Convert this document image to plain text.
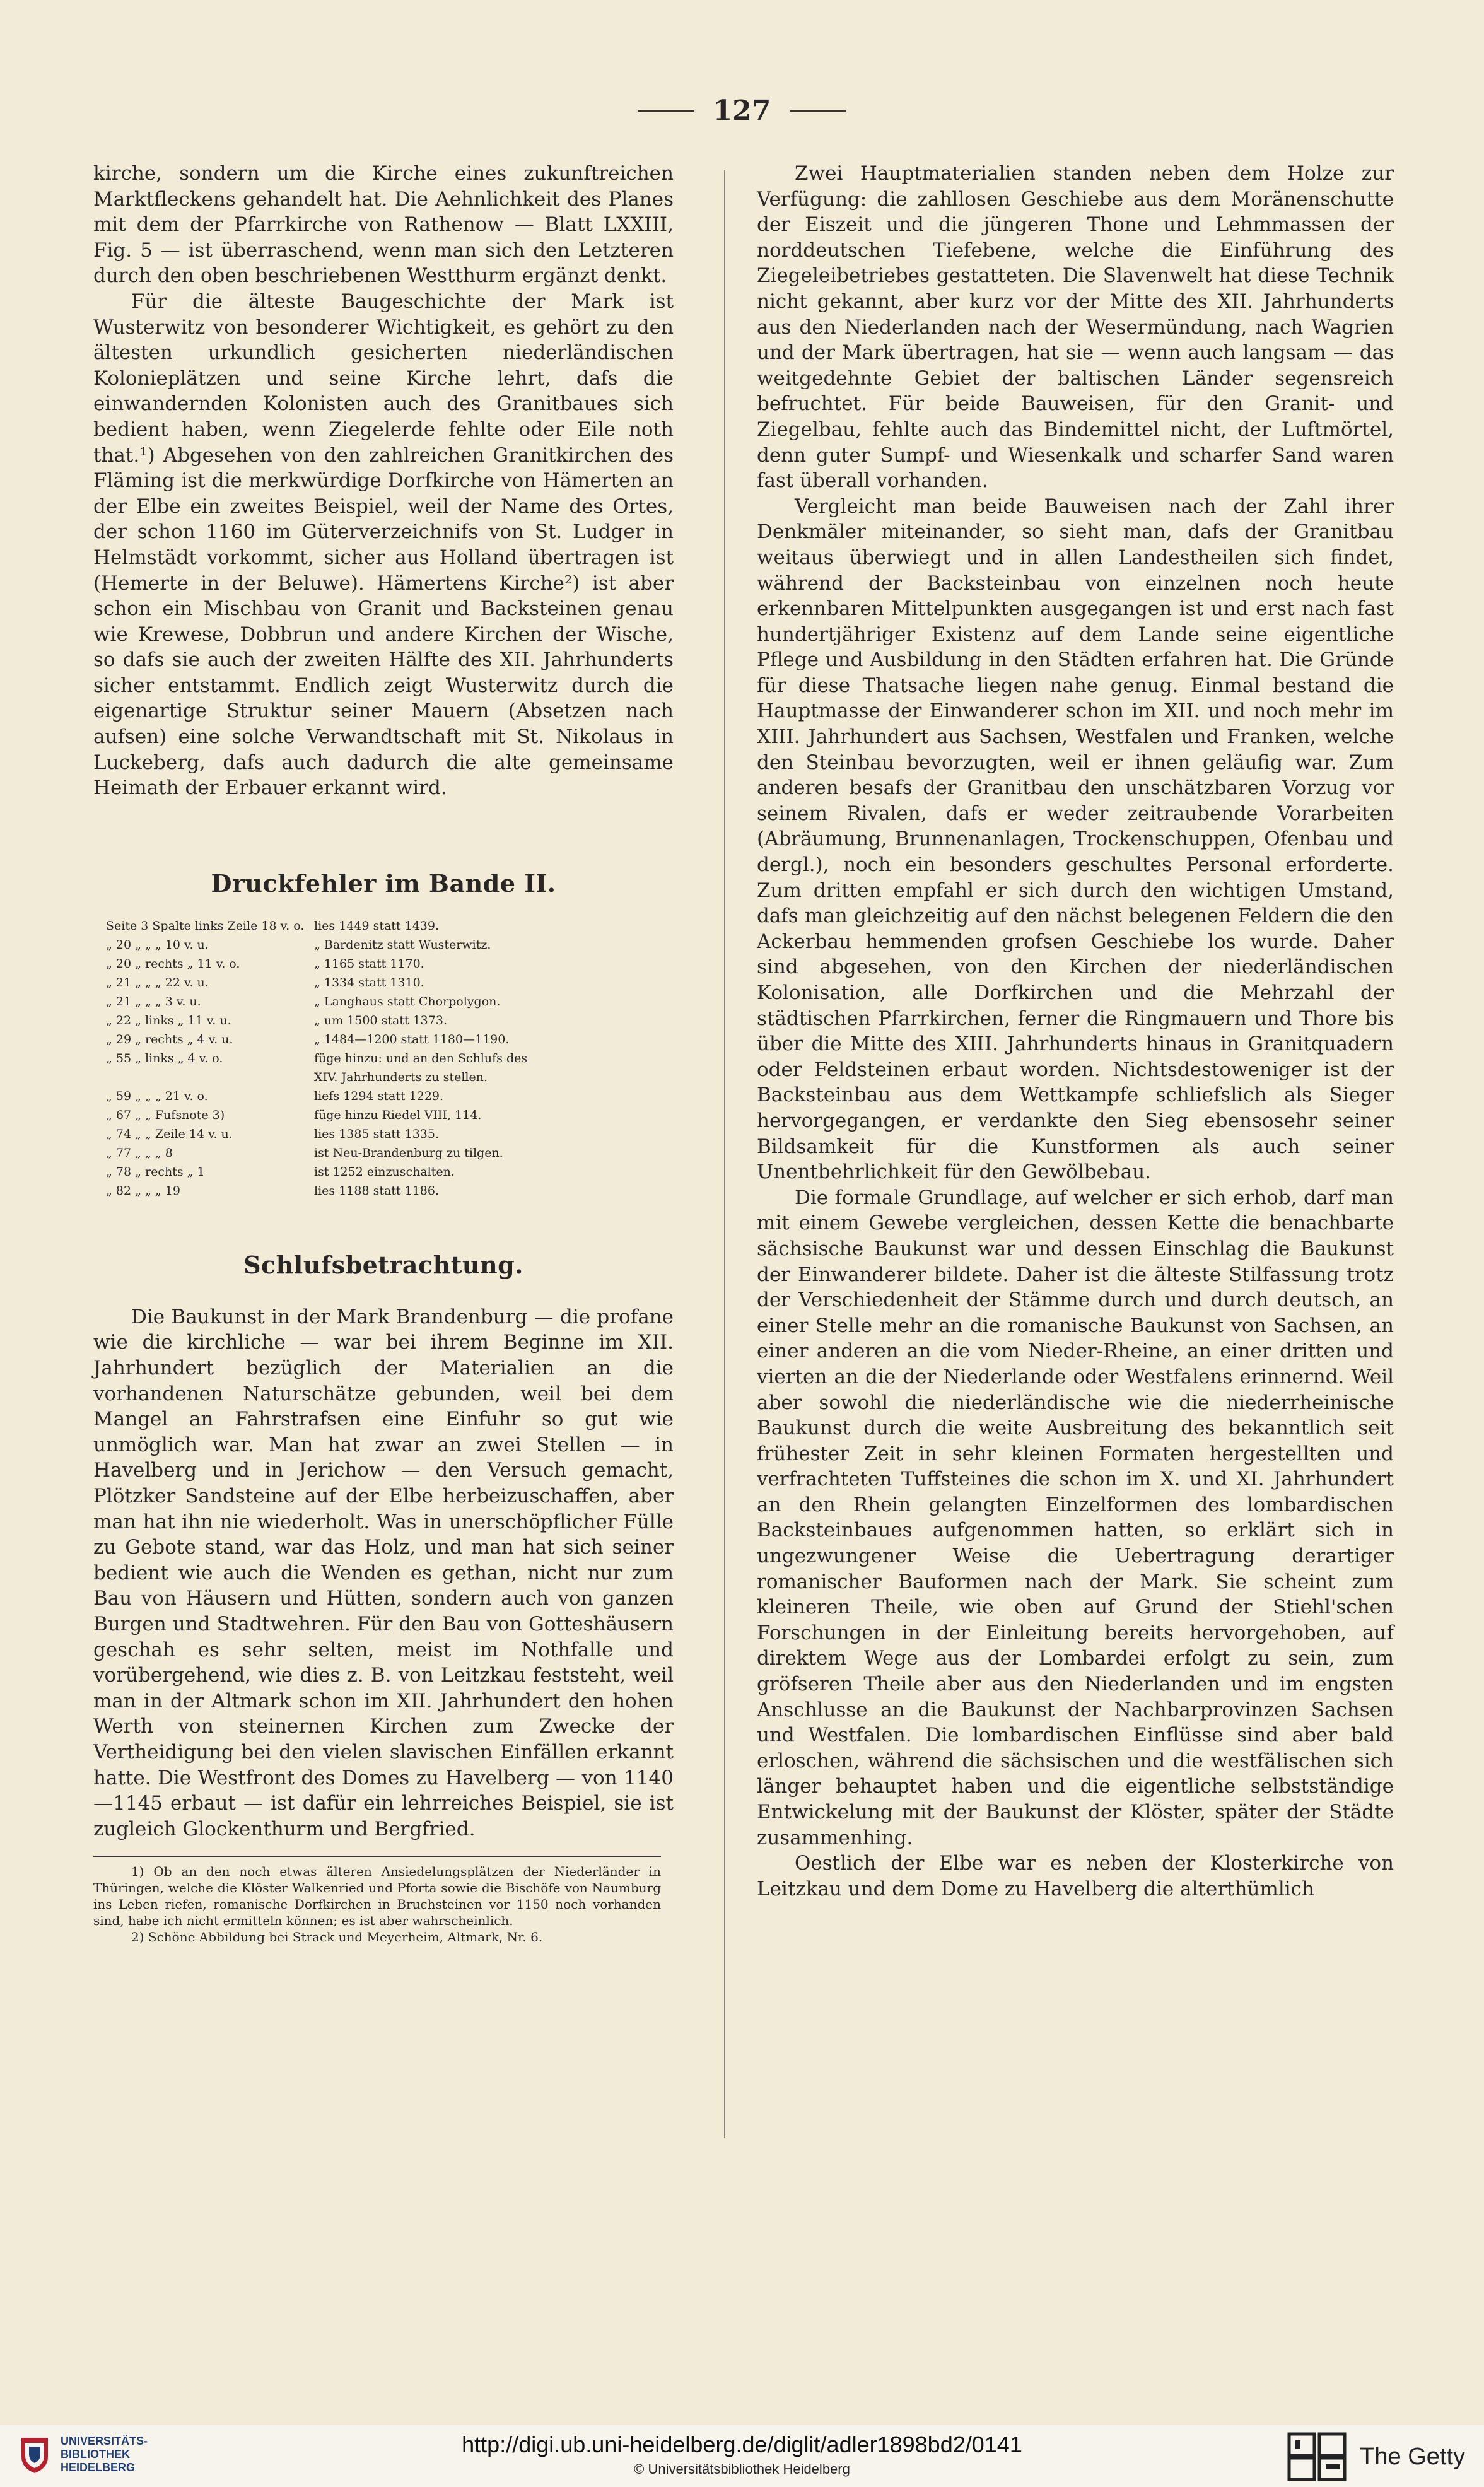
127

kirche, sondern um die Kirche eines zukunftreichen Marktfleckens gehandelt hat. Die Aehnlichkeit des Planes mit dem der Pfarrkirche von Rathenow — Blatt LXXIII, Fig. 5 — ist überraschend, wenn man sich den Letzteren durch den oben beschriebenen Westthurm ergänzt denkt.

Für die älteste Baugeschichte der Mark ist Wusterwitz von besonderer Wichtigkeit, es gehört zu den ältesten urkundlich gesicherten niederländischen Kolonieplätzen und seine Kirche lehrt, dafs die einwandernden Kolonisten auch des Granitbaues sich bedient haben, wenn Ziegelerde fehlte oder Eile noth that.¹) Abgesehen von den zahlreichen Granitkirchen des Fläming ist die merkwürdige Dorfkirche von Hämerten an der Elbe ein zweites Beispiel, weil der Name des Ortes, der schon 1160 im Güterverzeichnifs von St. Ludger in Helmstädt vorkommt, sicher aus Holland übertragen ist (Hemerte in der Beluwe). Hämertens Kirche²) ist aber schon ein Mischbau von Granit und Backsteinen genau wie Krewese, Dobbrun und andere Kirchen der Wische, so dafs sie auch der zweiten Hälfte des XII. Jahrhunderts sicher entstammt. Endlich zeigt Wusterwitz durch die eigenartige Struktur seiner Mauern (Absetzen nach aufsen) eine solche Verwandtschaft mit St. Nikolaus in Luckeberg, dafs auch dadurch die alte gemeinsame Heimath der Erbauer erkannt wird.

Druckfehler im Bande II.
Seite 3 Spalte links Zeile 18 v. o. lies 1449 statt 1439.
„ 20 „ „ „ 10 v. u.	„ Bardenitz statt Wusterwitz.
„ 20 „ rechts „ 11 v. o.	„ 1165 statt 1170.
„ 21 „ „ „ 22 v. u.	„ 1334 statt 1310.
„ 21 „ „ „ 3 v. u.	„ Langhaus statt Chorpolygon.
„ 22 „ links „ 11 v. u.	„ um 1500 statt 1373.
„ 29 „ rechts „ 4 v. u.	„ 1484—1200 statt 1180—1190.
„ 55 „ links „ 4 v. o.	füge hinzu: und an den Schlufs des
XIV. Jahrhunderts zu stellen.
„ 59 „ „ „ 21 v. o.	liefs 1294 statt 1229.
„ 67 „ „ Fufsnote 3)	füge hinzu Riedel VIII, 114.
„ 74 „ „ Zeile 14 v. u.	lies 1385 statt 1335.
„ 77 „ „ „ 8	ist Neu-Brandenburg zu tilgen.
„ 78 „ rechts „ 1	ist 1252 einzuschalten.
„ 82 „ „ „ 19	lies 1188 statt 1186.
Schlufsbetrachtung.

Die Baukunst in der Mark Brandenburg — die profane wie die kirchliche — war bei ihrem Beginne im XII. Jahrhundert bezüglich der Materialien an die vorhandenen Naturschätze gebunden, weil bei dem Mangel an Fahrstrafsen eine Einfuhr so gut wie unmöglich war. Man hat zwar an zwei Stellen — in Havelberg und in Jerichow — den Versuch gemacht, Plötzker Sandsteine auf der Elbe herbeizuschaffen, aber man hat ihn nie wiederholt. Was in unerschöpflicher Fülle zu Gebote stand, war das Holz, und man hat sich seiner bedient wie auch die Wenden es gethan, nicht nur zum Bau von Häusern und Hütten, sondern auch von ganzen Burgen und Stadtwehren. Für den Bau von Gotteshäusern geschah es sehr selten, meist im Nothfalle und vorübergehend, wie dies z. B. von Leitzkau feststeht, weil man in der Altmark schon im XII. Jahrhundert den hohen Werth von steinernen Kirchen zum Zwecke der Vertheidigung bei den vielen slavischen Einfällen erkannt hatte. Die Westfront des Domes zu Havelberg — von 1140—1145 erbaut — ist dafür ein lehrreiches Beispiel, sie ist zugleich Glockenthurm und Bergfried.

1) Ob an den noch etwas älteren Ansiedelungsplätzen der Niederländer in Thüringen, welche die Klöster Walkenried und Pforta sowie die Bischöfe von Naumburg ins Leben riefen, romanische Dorfkirchen in Bruchsteinen vor 1150 noch vorhanden sind, habe ich nicht ermitteln können; es ist aber wahrscheinlich.

2) Schöne Abbildung bei Strack und Meyerheim, Altmark, Nr. 6.

Zwei Hauptmaterialien standen neben dem Holze zur Verfügung: die zahllosen Geschiebe aus dem Moränenschutte der Eiszeit und die jüngeren Thone und Lehmmassen der norddeutschen Tiefebene, welche die Einführung des Ziegeleibetriebes gestatteten. Die Slavenwelt hat diese Technik nicht gekannt, aber kurz vor der Mitte des XII. Jahrhunderts aus den Niederlanden nach der Wesermündung, nach Wagrien und der Mark übertragen, hat sie — wenn auch langsam — das weitgedehnte Gebiet der baltischen Länder segensreich befruchtet. Für beide Bauweisen, für den Granit- und Ziegelbau, fehlte auch das Bindemittel nicht, der Luftmörtel, denn guter Sumpf- und Wiesenkalk und scharfer Sand waren fast überall vorhanden.

Vergleicht man beide Bauweisen nach der Zahl ihrer Denkmäler miteinander, so sieht man, dafs der Granitbau weitaus überwiegt und in allen Landestheilen sich findet, während der Backsteinbau von einzelnen noch heute erkennbaren Mittelpunkten ausgegangen ist und erst nach fast hundertjähriger Existenz auf dem Lande seine eigentliche Pflege und Ausbildung in den Städten erfahren hat. Die Gründe für diese Thatsache liegen nahe genug. Einmal bestand die Hauptmasse der Einwanderer schon im XII. und noch mehr im XIII. Jahrhundert aus Sachsen, Westfalen und Franken, welche den Steinbau bevorzugten, weil er ihnen geläufig war. Zum anderen besafs der Granitbau den unschätzbaren Vorzug vor seinem Rivalen, dafs er weder zeitraubende Vorarbeiten (Abräumung, Brunnenanlagen, Trockenschuppen, Ofenbau und dergl.), noch ein besonders geschultes Personal erforderte. Zum dritten empfahl er sich durch den wichtigen Umstand, dafs man gleichzeitig auf den nächst belegenen Feldern die den Ackerbau hemmenden grofsen Geschiebe los wurde. Daher sind abgesehen, von den Kirchen der niederländischen Kolonisation, alle Dorfkirchen und die Mehrzahl der städtischen Pfarrkirchen, ferner die Ringmauern und Thore bis über die Mitte des XIII. Jahrhunderts hinaus in Granitquadern oder Feldsteinen erbaut worden. Nichtsdestoweniger ist der Backsteinbau aus dem Wettkampfe schliefslich als Sieger hervorgegangen, er verdankte den Sieg ebensosehr seiner Bildsamkeit für die Kunstformen als auch seiner Unentbehrlichkeit für den Gewölbebau.

Die formale Grundlage, auf welcher er sich erhob, darf man mit einem Gewebe vergleichen, dessen Kette die benachbarte sächsische Baukunst war und dessen Einschlag die Baukunst der Einwanderer bildete. Daher ist die älteste Stilfassung trotz der Verschiedenheit der Stämme durch und durch deutsch, an einer Stelle mehr an die romanische Baukunst von Sachsen, an einer anderen an die vom Nieder-Rheine, an einer dritten und vierten an die der Niederlande oder Westfalens erinnernd. Weil aber sowohl die niederländische wie die niederrheinische Baukunst durch die weite Ausbreitung des bekanntlich seit frühester Zeit in sehr kleinen Formaten hergestellten und verfrachteten Tuffsteines die schon im X. und XI. Jahrhundert an den Rhein gelangten Einzelformen des lombardischen Backsteinbaues aufgenommen hatten, so erklärt sich in ungezwungener Weise die Uebertragung derartiger romanischer Bauformen nach der Mark. Sie scheint zum kleineren Theile, wie oben auf Grund der Stiehl'schen Forschungen in der Einleitung bereits hervorgehoben, auf direktem Wege aus der Lombardei erfolgt zu sein, zum gröfseren Theile aber aus den Niederlanden und im engsten Anschlusse an die Baukunst der Nachbarprovinzen Sachsen und Westfalen. Die lombardischen Einflüsse sind aber bald erloschen, während die sächsischen und die westfälischen sich länger behauptet haben und die eigentliche selbstständige Entwickelung mit der Baukunst der Klöster, später der Städte zusammenhing.

Oestlich der Elbe war es neben der Klosterkirche von Leitzkau und dem Dome zu Havelberg die alterthümlich

UNIVERSITÄTS-
BIBLIOTHEK
HEIDELBERG
http://digi.ub.uni-heidelberg.de/diglit/adler1898bd2/0141
© Universitätsbibliothek Heidelberg	The Getty
